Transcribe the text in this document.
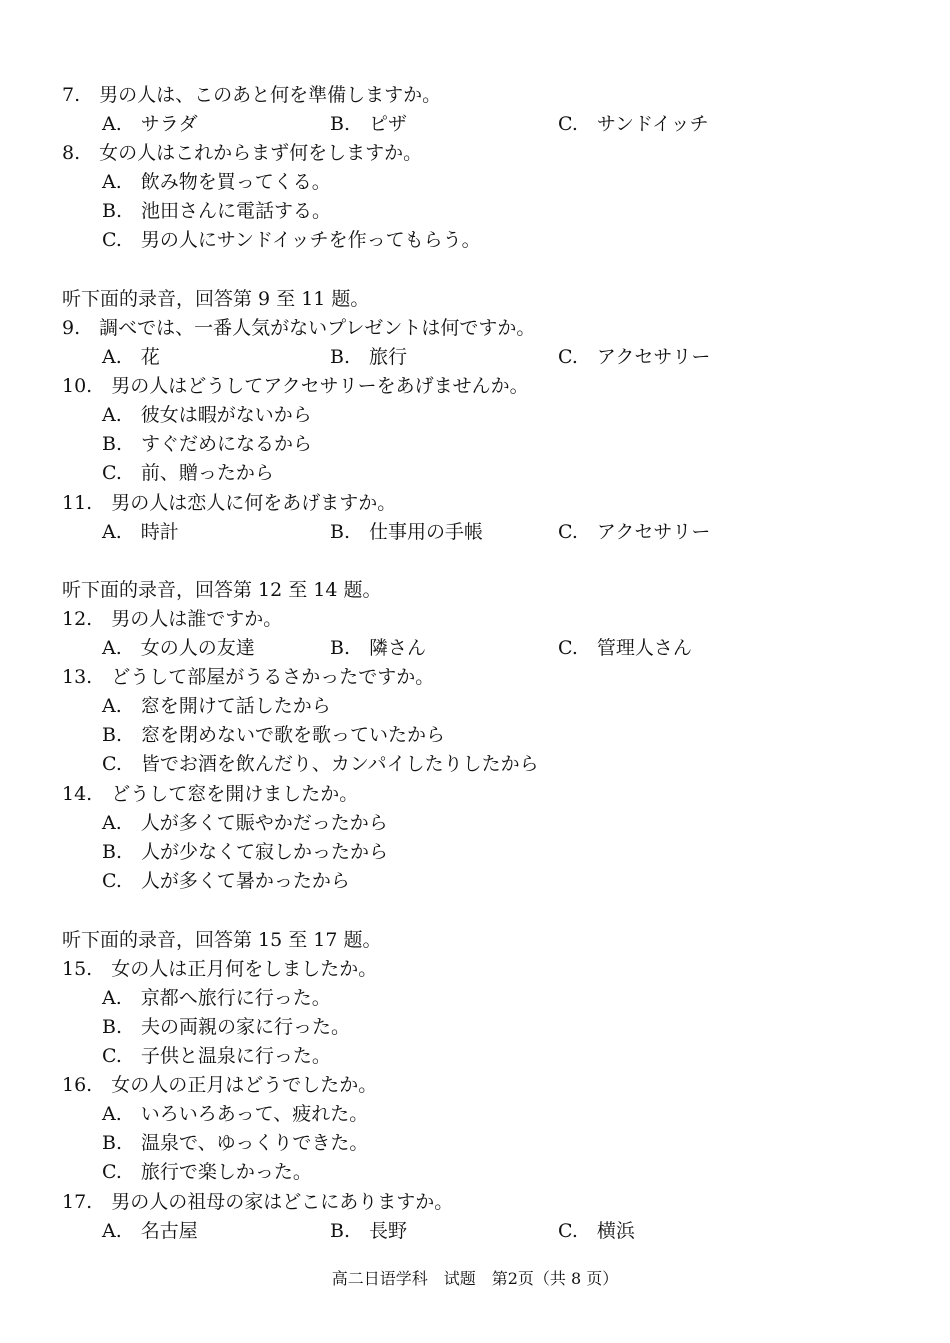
7.　男の人は、このあと何を準備しますか。
A.　サラダ	B.　ピザ	C.　サンドイッチ
8.　女の人はこれからまず何をしますか。
A.　飲み物を買ってくる。
B.　池田さんに電話する。
C.　男の人にサンドイッチを作ってもらう。
听下面的录音，回答第 9 至 11 题。
9.　調べでは、一番人気がないプレゼントは何ですか。
A.　花	B.　旅行	C.　アクセサリー
10.　男の人はどうしてアクセサリーをあげませんか。
A.　彼女は暇がないから
B.　すぐだめになるから
C.　前、贈ったから
11.　男の人は恋人に何をあげますか。
A.　時計	B.　仕事用の手帳	C.　アクセサリー
听下面的录音，回答第 12 至 14 题。
12.　男の人は誰ですか。
A.　女の人の友達	B.　隣さん	C.　管理人さん
13.　どうして部屋がうるさかったですか。
A.　窓を開けて話したから
B.　窓を閉めないで歌を歌っていたから
C.　皆でお酒を飲んだり、カンパイしたりしたから
14.　どうして窓を開けましたか。
A.　人が多くて賑やかだったから
B.　人が少なくて寂しかったから
C.　人が多くて暑かったから
听下面的录音，回答第 15 至 17 题。
15.　女の人は正月何をしましたか。
A.　京都へ旅行に行った。
B.　夫の両親の家に行った。
C.　子供と温泉に行った。
16.　女の人の正月はどうでしたか。
A.　いろいろあって、疲れた。
B.　温泉で、ゆっくりできた。
C.　旅行で楽しかった。
17.　男の人の祖母の家はどこにありますか。
A.　名古屋	B.　長野	C.　横浜
高二日语学科　试题　第2页（共 8 页）
